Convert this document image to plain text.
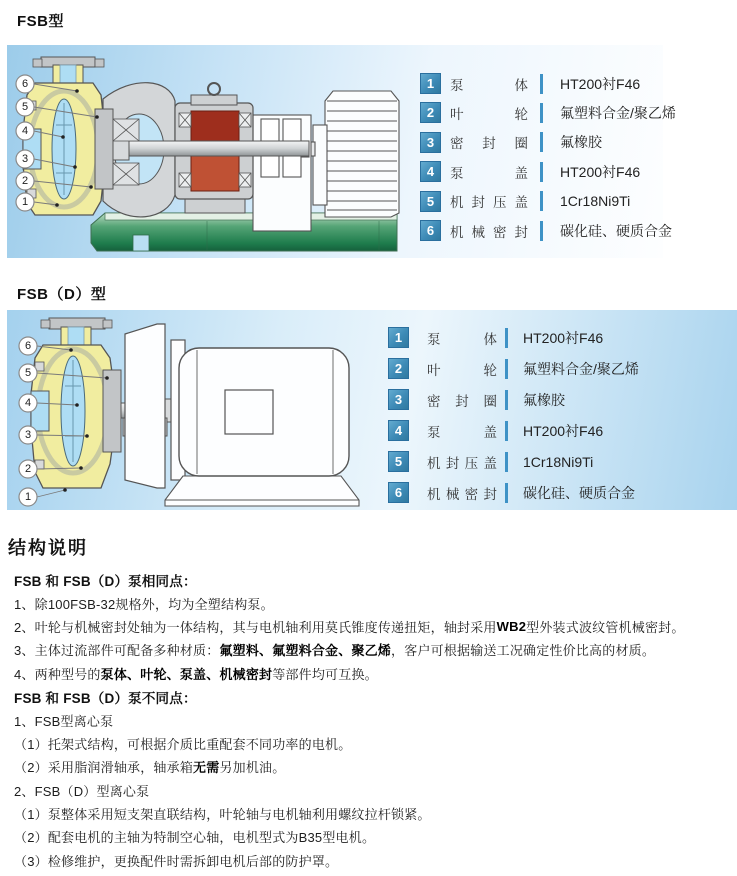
FSB型
FSB（D）型
结构说明
6
5
4
3
2
1
1	泵体 HT200衬F46
2	叶轮 氟塑料合金/聚乙烯
3	密封圈 氟橡胶
4	泵盖 HT200衬F46
5	机封压盖 1Cr18Ni9Ti
6	机械密封 碳化硅、硬质合金
6
5
4
3
2
1
1	泵体 HT200衬F46
2	叶轮 氟塑料合金/聚乙烯
3	密封圈 氟橡胶
4	泵盖 HT200衬F46
5	机封压盖 1Cr18Ni9Ti
6	机械密封 碳化硅、硬质合金
FSB 和 FSB（D）泵相同点：
1、除100FSB-32规格外，均为全塑结构泵。
2、叶轮与机械密封处轴为一体结构，其与电机轴利用莫氏锥度传递扭矩，轴封采用 WB2 型外装式波纹管机械密封。
3、主体过流部件可配备多种材质： 氟塑料、氟塑料合金、聚乙烯 ，客户可根据输送工况确定性价比高的材质。
4、两种型号的 泵体、叶轮、泵盖、机械密封 等部件均可互换。
FSB 和 FSB（D）泵不同点：
1、FSB型离心泵
（1）托架式结构，可根据介质比重配套不同功率的电机。
（2）采用脂润滑轴承，轴承箱 无需 另加机油。
2、FSB（D）型离心泵
（1）泵整体采用短支架直联结构，叶轮轴与电机轴利用螺纹拉杆锁紧。
（2）配套电机的主轴为特制空心轴，电机型式为B35型电机。
（3）检修维护，更换配件时需拆卸电机后部的防护罩。
